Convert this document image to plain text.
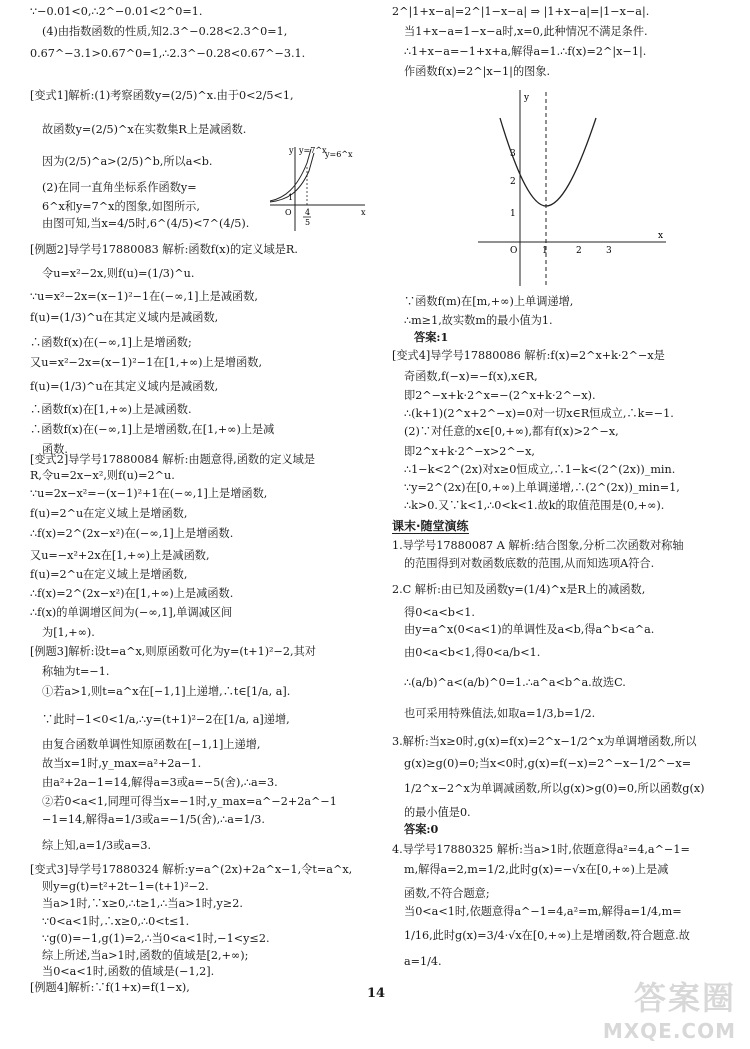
∵−0.01<0,∴2^−0.01<2^0=1.
(4)由指数函数的性质,知2.3^−0.28<2.3^0=1,
0.67^−3.1>0.67^0=1,∴2.3^−0.28<0.67^−3.1.
[变式1]解析:(1)考察函数y=(2/5)^x.由于0<2/5<1,
故函数y=(2/5)^x在实数集R上是减函数.
因为(2/5)^a>(2/5)^b,所以a<b.
(2)在同一直角坐标系作函数y=
6^x和y=7^x的图象,如图所示,
由图可知,当x=4/5时,6^(4/5)<7^(4/5).
[例题2]导学号17880083 解析:函数f(x)的定义域是R.
令u=x²−2x,则f(u)=(1/3)^u.
∵u=x²−2x=(x−1)²−1在(−∞,1]上是减函数,
f(u)=(1/3)^u在其定义域内是减函数,
∴函数f(x)在(−∞,1]上是增函数;
又u=x²−2x=(x−1)²−1在[1,+∞)上是增函数,
f(u)=(1/3)^u在其定义域内是减函数,
∴函数f(x)在[1,+∞)上是减函数.
∴函数f(x)在(−∞,1]上是增函数,在[1,+∞)上是减
函数.
[变式2]导学号17880084 解析:由题意得,函数的定义域是
R,令u=2x−x²,则f(u)=2^u.
∵u=2x−x²=−(x−1)²+1在(−∞,1]上是增函数,
f(u)=2^u在定义域上是增函数,
∴f(x)=2^(2x−x²)在(−∞,1]上是增函数.
又u=−x²+2x在[1,+∞)上是减函数,
f(u)=2^u在定义域上是增函数,
∴f(x)=2^(2x−x²)在[1,+∞)上是减函数.
∴f(x)的单调增区间为(−∞,1],单调减区间
为[1,+∞).
[例题3]解析:设t=a^x,则原函数可化为y=(t+1)²−2,其对
称轴为t=−1.
①若a>1,则t=a^x在[−1,1]上递增,∴t∈[1/a, a].
∵此时−1<0<1/a,∴y=(t+1)²−2在[1/a, a]递增,
由复合函数单调性知原函数在[−1,1]上递增,
故当x=1时,y_max=a²+2a−1.
由a²+2a−1=14,解得a=3或a=−5(舍),∴a=3.
②若0<a<1,同理可得当x=−1时,y_max=a^−2+2a^−1
−1=14,解得a=1/3或a=−1/5(舍),∴a=1/3.
综上知,a=1/3或a=3.
[变式3]导学号17880324 解析:y=a^(2x)+2a^x−1,令t=a^x,
则y=g(t)=t²+2t−1=(t+1)²−2.
当a>1时,∵x≥0,∴t≥1,∴当a>1时,y≥2.
∵0<a<1时,∴x≥0,∴0<t≤1.
∵g(0)=−1,g(1)=2,∴当0<a<1时,−1<y≤2.
综上所述,当a>1时,函数的值域是[2,+∞);
当0<a<1时,函数的值域是(−1,2].
[例题4]解析:∵f(1+x)=f(1−x),
课末·随堂演练
2^|1+x−a|=2^|1−x−a| ⇒ |1+x−a|=|1−x−a|.
当1+x−a=1−x−a时,x=0,此种情况不满足条件.
∴1+x−a=−1+x+a,解得a=1.∴f(x)=2^|x−1|.
作函数f(x)=2^|x−1|的图象.
∵函数f(m)在[m,+∞)上单调递增,
∴m≥1,故实数m的最小值为1.
答案:1
[变式4]导学号17880086 解析:f(x)=2^x+k·2^−x是
奇函数,f(−x)=−f(x),x∈R,
即2^−x+k·2^x=−(2^x+k·2^−x).
∴(k+1)(2^x+2^−x)=0对一切x∈R恒成立,∴k=−1.
(2)∵对任意的x∈[0,+∞),都有f(x)>2^−x,
即2^x+k·2^−x>2^−x,
∴1−k<2^(2x)对x≥0恒成立,∴1−k<(2^(2x))_min.
∵y=2^(2x)在[0,+∞)上单调递增,∴(2^(2x))_min=1,
∴k>0.又∵k<1,∴0<k<1.故k的取值范围是(0,+∞).
1.导学号17880087 A 解析:结合图象,分析二次函数对称轴
的范围得到对数函数底数的范围,从而知选项A符合.
2.C 解析:由已知及函数y=(1/4)^x是R上的减函数,
得0<a<b<1.
由y=a^x(0<a<1)的单调性及a<b,得a^b<a^a.
由0<a<b<1,得0<a/b<1.
∴(a/b)^a<(a/b)^0=1.∴a^a<b^a.故选C.
也可采用特殊值法,如取a=1/3,b=1/2.
3.解析:当x≥0时,g(x)=f(x)=2^x−1/2^x为单调增函数,所以
g(x)≥g(0)=0;当x<0时,g(x)=f(−x)=2^−x−1/2^−x=
1/2^x−2^x为单调减函数,所以g(x)>g(0)=0,所以函数g(x)
的最小值是0.
答案:0
4.导学号17880325 解析:当a>1时,依题意得a²=4,a^−1=
m,解得a=2,m=1/2,此时g(x)=−√x在[0,+∞)上是减
函数,不符合题意;
当0<a<1时,依题意得a^−1=4,a²=m,解得a=1/4,m=
1/16,此时g(x)=3/4·√x在[0,+∞)上是增函数,符合题意.故
a=1/4.
y=7^x
y=6^x
y
x
O
1
4
5
y
x
O	1	2	3
1
2
3
14	答案圈
MXQE.COM
